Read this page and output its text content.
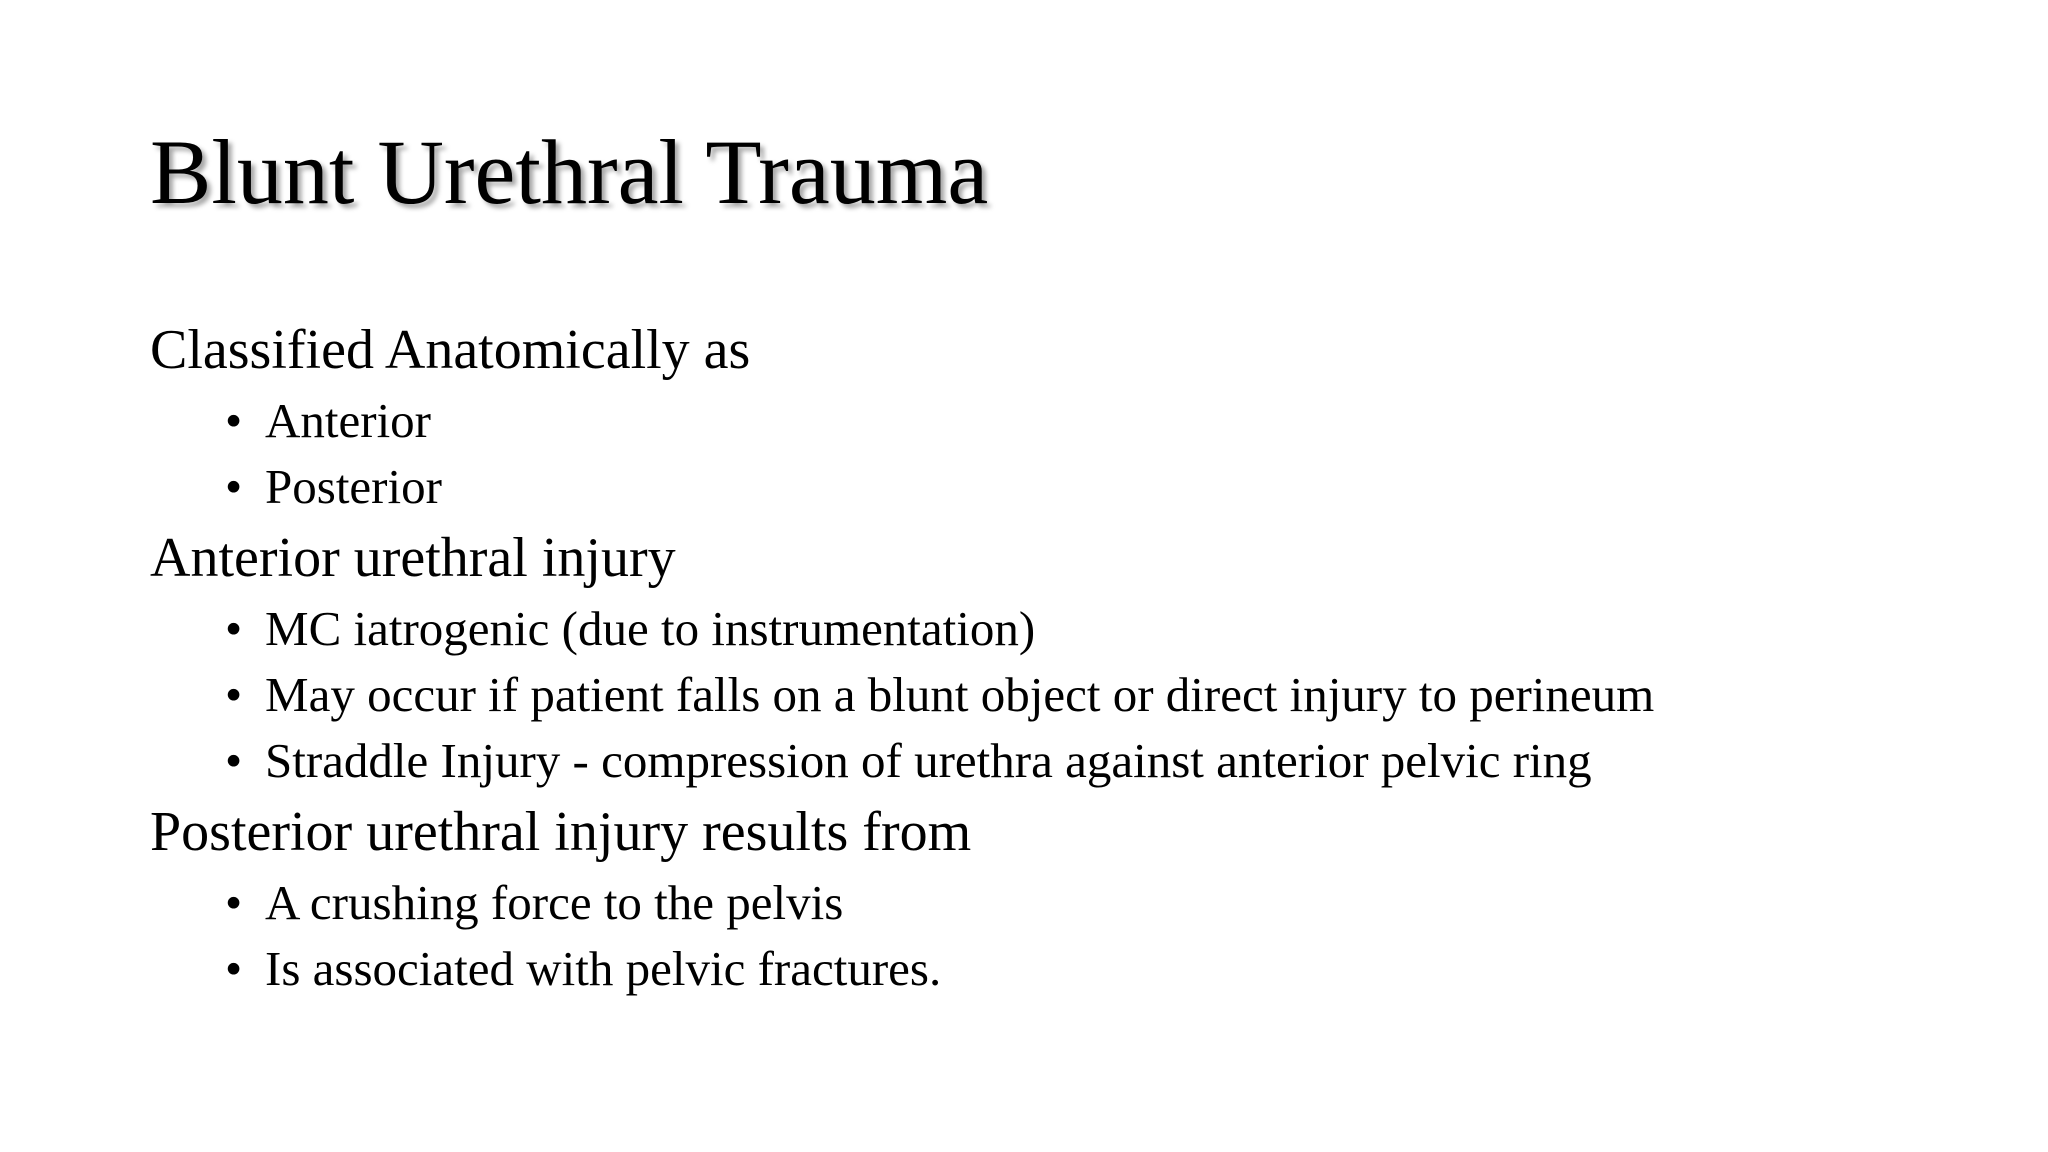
Blunt Urethral Trauma
Classified Anatomically as
• Anterior
• Posterior
Anterior urethral injury
• MC iatrogenic (due to instrumentation)
• May occur if patient falls on a blunt object or direct injury to perineum
• Straddle Injury - compression of urethra against anterior pelvic ring
Posterior urethral injury results from
• A crushing force to the pelvis
• Is associated with pelvic fractures.
